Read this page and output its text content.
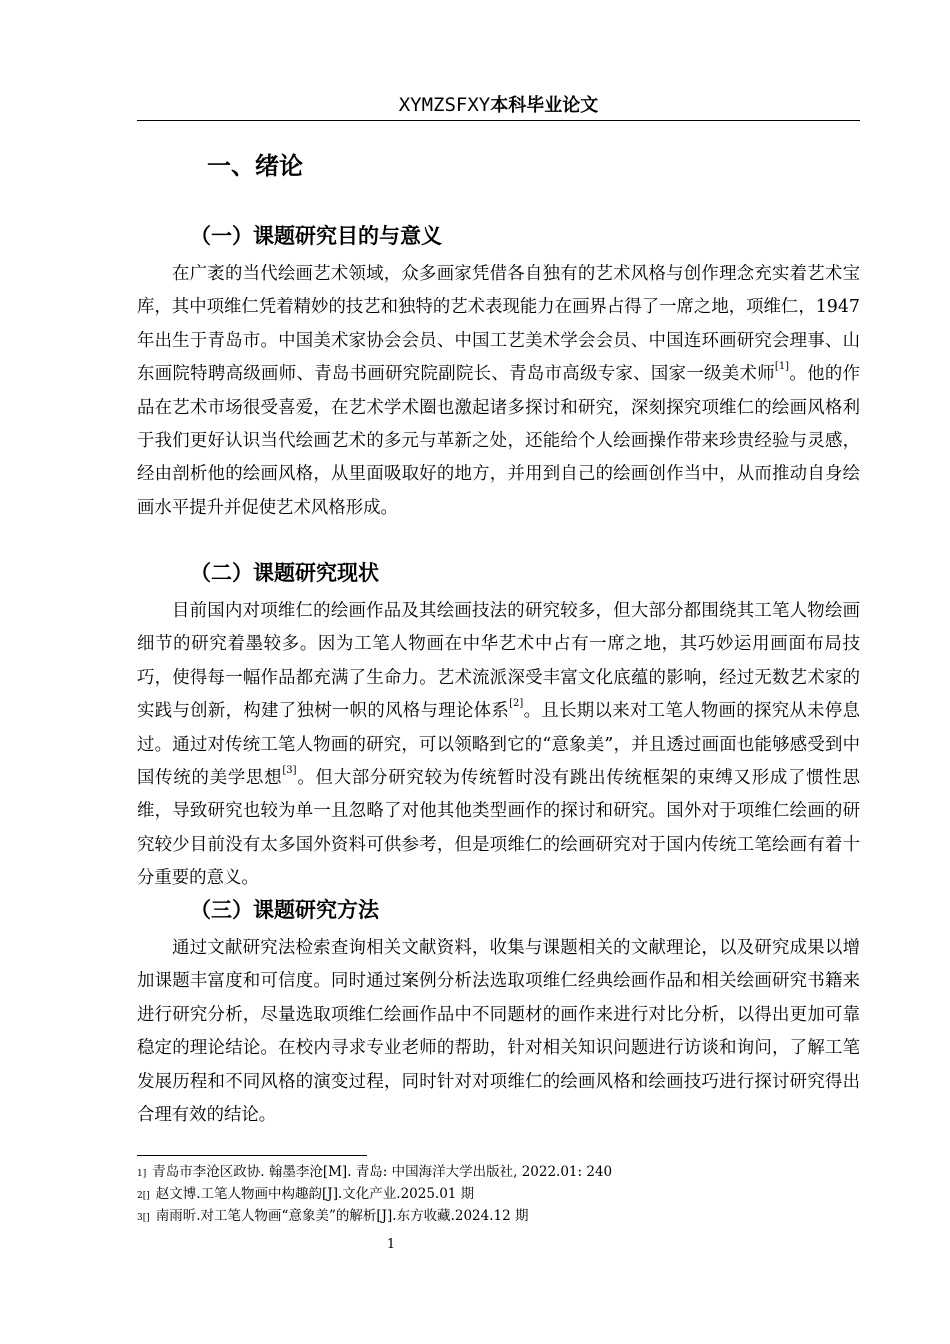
XYMZSFXY本科毕业论文
一、绪论
（一）课题研究目的与意义

在广袤的当代绘画艺术领域，众多画家凭借各自独有的艺术风格与创作理念充实着艺术宝库，其中项维仁凭着精妙的技艺和独特的艺术表现能力在画界占得了一席之地，项维仁，1947 年出生于青岛市。中国美术家协会会员、中国工艺美术学会会员、中国连环画研究会理事、山东画院特聘高级画师、青岛书画研究院副院长、青岛市高级专家、国家一级美术师[1]。他的作品在艺术市场很受喜爱，在艺术学术圈也激起诸多探讨和研究，深刻探究项维仁的绘画风格利于我们更好认识当代绘画艺术的多元与革新之处，还能给个人绘画操作带来珍贵经验与灵感，经由剖析他的绘画风格，从里面吸取好的地方，并用到自己的绘画创作当中，从而推动自身绘画水平提升并促使艺术风格形成。

（二）课题研究现状

目前国内对项维仁的绘画作品及其绘画技法的研究较多，但大部分都围绕其工笔人物绘画细节的研究着墨较多。因为工笔人物画在中华艺术中占有一席之地，其巧妙运用画面布局技巧，使得每一幅作品都充满了生命力。艺术流派深受丰富文化底蕴的影响，经过无数艺术家的实践与创新，构建了独树一帜的风格与理论体系[2]。且长期以来对工笔人物画的探究从未停息过。通过对传统工笔人物画的研究，可以领略到它的“意象美”，并且透过画面也能够感受到中国传统的美学思想[3]。但大部分研究较为传统暂时没有跳出传统框架的束缚又形成了惯性思维，导致研究也较为单一且忽略了对他其他类型画作的探讨和研究。国外对于项维仁绘画的研究较少目前没有太多国外资料可供参考，但是项维仁的绘画研究对于国内传统工笔绘画有着十分重要的意义。

（三）课题研究方法

通过文献研究法检索查询相关文献资料，收集与课题相关的文献理论，以及研究成果以增加课题丰富度和可信度。同时通过案例分析法选取项维仁经典绘画作品和相关绘画研究书籍来进行研究分析，尽量选取项维仁绘画作品中不同题材的画作来进行对比分析，以得出更加可靠稳定的理论结论。在校内寻求专业老师的帮助，针对相关知识问题进行访谈和询问，了解工笔发展历程和不同风格的演变过程，同时针对对项维仁的绘画风格和绘画技巧进行探讨研究得出合理有效的结论。

$^{1]}$ 青岛市李沧区政协. 翰墨李沧[M]. 青岛: 中国海洋大学出版社, 2022.01: 240
$^{2[]}$ 赵文博.工笔人物画中构趣韵[J].文化产业.2025.01 期
$^{3[]}$ 南雨昕.对工笔人物画“意象美”的解析[J].东方收藏.2024.12 期
1
